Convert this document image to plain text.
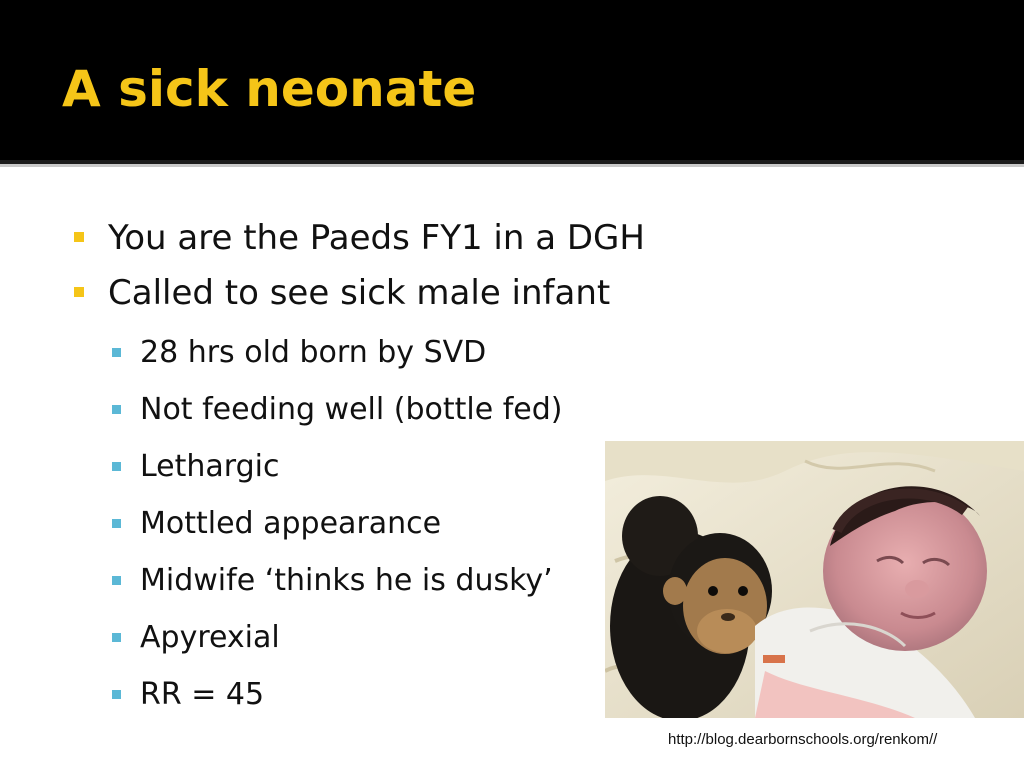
A sick neonate
You are the Paeds FY1 in a DGH
Called to see sick male infant
28 hrs old born by SVD
Not feeding well (bottle fed)
Lethargic
Mottled appearance
Midwife ‘thinks he is dusky’
Apyrexial
RR = 45
http://blog.dearbornschools.org/renkom//
